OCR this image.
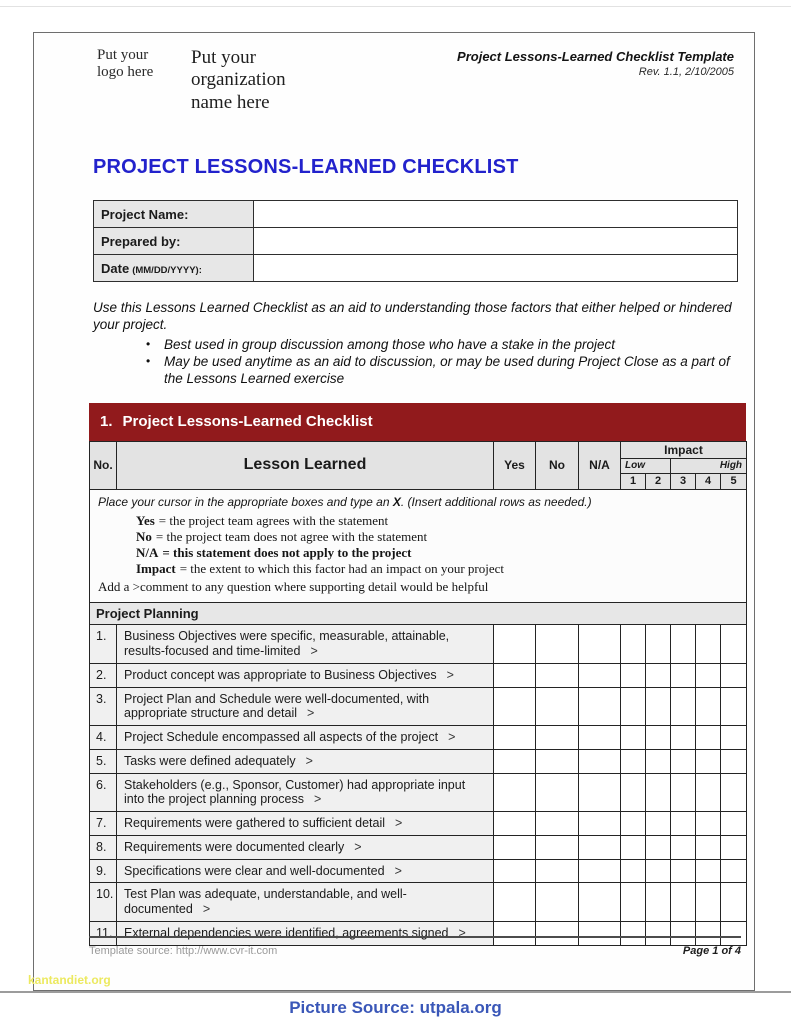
Put your logo here
Put your organization name here
Project Lessons-Learned Checklist Template
Rev. 1.1, 2/10/2005
PROJECT LESSONS-LEARNED CHECKLIST
Project Name:	
Prepared by:	
Date (MM/DD/YYYY):	
Use this Lessons Learned Checklist as an aid to understanding those factors that either helped or hindered your project.
•	Best used in group discussion among those who have a stake in the project
•	May be used anytime as an aid to discussion, or may be used during Project Close as a part of the Lessons Learned exercise
1. Project Lessons-Learned Checklist
No.	Lesson Learned	Yes	No	N/A	Impact				
					Low		High		
					1	2	3	4	5

Place your cursor in the appropriate boxes and type an X. (Insert additional rows as needed.)
Yes = the project team agrees with the statement
No = the project team does not agree with the statement
N/A = this statement does not apply to the project
Impact = the extent to which this factor had an impact on your project
Add a >comment to any question where supporting detail would be helpful

Project Planning									
1.	Business Objectives were specific, measurable, attainable, results-focused and time-limited >								
2.	Product concept was appropriate to Business Objectives >								
3.	Project Plan and Schedule were well-documented, with appropriate structure and detail >								
4.	Project Schedule encompassed all aspects of the project >								
5.	Tasks were defined adequately >								
6.	Stakeholders (e.g., Sponsor, Customer) had appropriate input into the project planning process >								
7.	Requirements were gathered to sufficient detail >								
8.	Requirements were documented clearly >								
9.	Specifications were clear and well-documented >								
10.	Test Plan was adequate, understandable, and well-documented >								
11.	External dependencies were identified, agreements signed >								
Template source: http://www.cvr-it.com	Page 1 of 4
kantandiet.org
Picture Source: utpala.org
